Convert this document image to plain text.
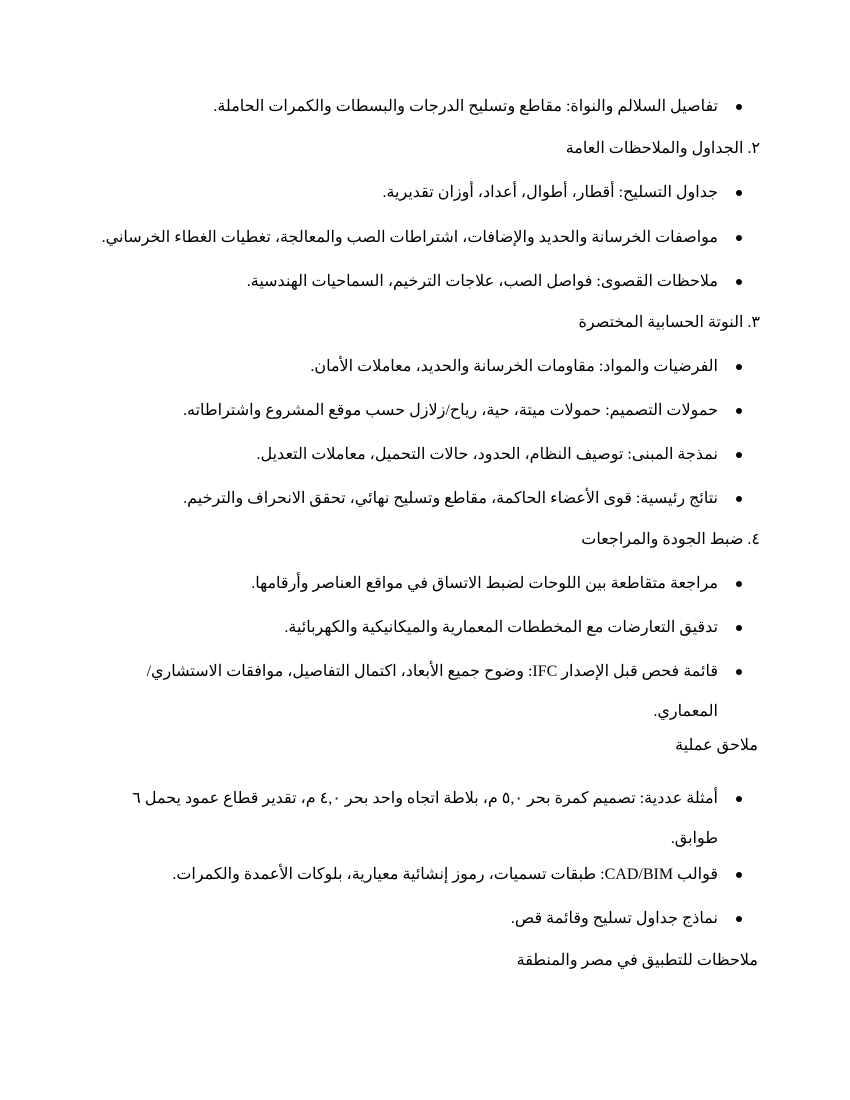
تفاصيل السلالم والنواة: مقاطع وتسليح الدرجات والبسطات والكمرات الحاملة.
٢. الجداول والملاحظات العامة
جداول التسليح: أقطار، أطوال، أعداد، أوزان تقديرية.
مواصفات الخرسانة والحديد والإضافات، اشتراطات الصب والمعالجة، تغطيات الغطاء الخرساني.
ملاحظات القصوى: فواصل الصب، علاجات الترخيم، السماحيات الهندسية.
٣. النوتة الحسابية المختصرة
الفرضيات والمواد: مقاومات الخرسانة والحديد، معاملات الأمان.
حمولات التصميم: حمولات ميتة، حية، رياح/زلازل حسب موقع المشروع واشتراطاته.
نمذجة المبنى: توصيف النظام، الحدود، حالات التحميل، معاملات التعديل.
نتائج رئيسية: قوى الأعضاء الحاكمة، مقاطع وتسليح نهائي، تحقق الانحراف والترخيم.
٤. ضبط الجودة والمراجعات
مراجعة متقاطعة بين اللوحات لضبط الاتساق في مواقع العناصر وأرقامها.
تدقيق التعارضات مع المخططات المعمارية والميكانيكية والكهربائية.
قائمة فحص قبل الإصدار IFC: وضوح جميع الأبعاد، اكتمال التفاصيل، موافقات الاستشاري/المعماري.
ملاحق عملية
أمثلة عددية: تصميم كمرة بحر ٥,٠ م، بلاطة اتجاه واحد بحر ٤,٠ م، تقدير قطاع عمود يحمل ٦ طوابق.
قوالب CAD/BIM: طبقات تسميات، رموز إنشائية معيارية، بلوكات الأعمدة والكمرات.
نماذج جداول تسليح وقائمة قص.
ملاحظات للتطبيق في مصر والمنطقة
